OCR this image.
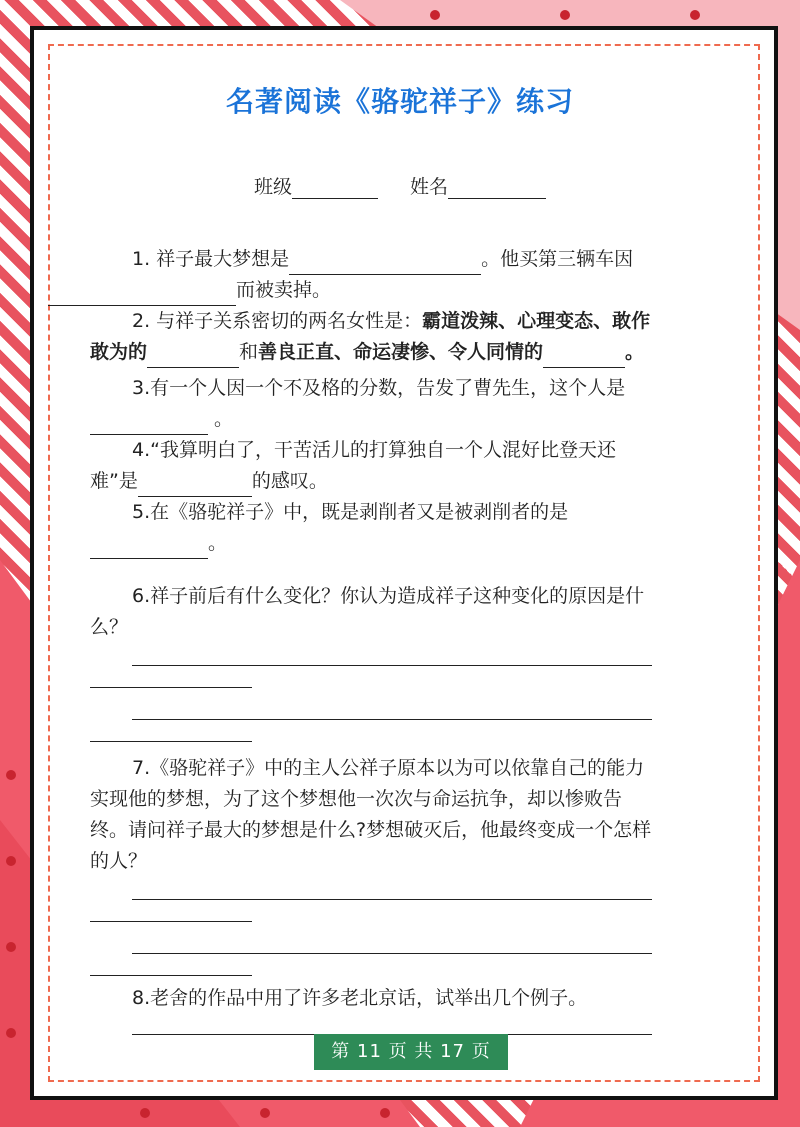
名著阅读《骆驼祥子》练习
班级	姓名

1. 祥子最大梦想是	。他买第三辆车因而被卖掉。

2. 与祥子关系密切的两名女性是：霸道泼辣、心理变态、敢作敢为的	和善良正直、命运凄惨、令人同情的	。

3.有一个人因一个不及格的分数，告发了曹先生，这个人是。

4.“我算明白了，干苦活儿的打算独自一个人混好比登天还难”是	的感叹。

5.在《骆驼祥子》中，既是剥削者又是被剥削者的是。

6.祥子前后有什么变化？你认为造成祥子这种变化的原因是什么？

7.《骆驼祥子》中的主人公祥子原本以为可以依靠自己的能力实现他的梦想，为了这个梦想他一次次与命运抗争，却以惨败告终。请问祥子最大的梦想是什么?梦想破灭后，他最终变成一个怎样的人？

8.老舍的作品中用了许多老北京话，试举出几个例子。

第 11 页 共 17 页
